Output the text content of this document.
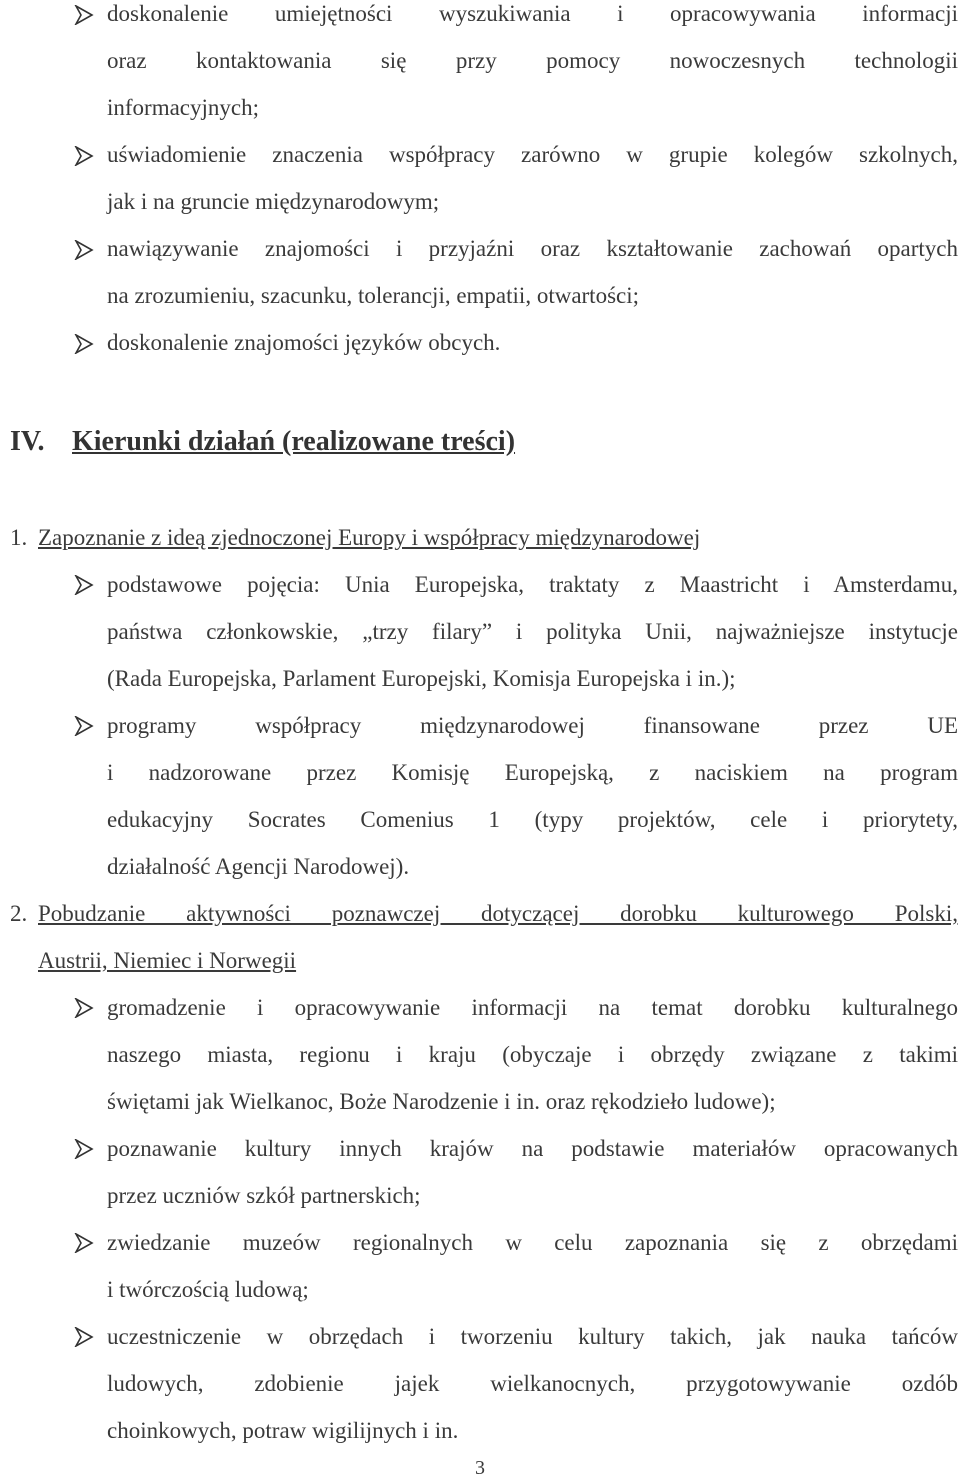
doskonalenie umiejętności wyszukiwania i opracowywania informacji
oraz kontaktowania się przy pomocy nowoczesnych technologii
informacyjnych;
uświadomienie znaczenia współpracy zarówno w grupie kolegów szkolnych,
jak i na gruncie międzynarodowym;
nawiązywanie znajomości i przyjaźni oraz kształtowanie zachowań opartych
na zrozumieniu, szacunku, tolerancji, empatii, otwartości;
doskonalenie znajomości języków obcych.
IV. Kierunki działań (realizowane treści)
1. Zapoznanie z ideą zjednoczonej Europy i współpracy międzynarodowej
podstawowe pojęcia: Unia Europejska, traktaty z Maastricht i Amsterdamu,
państwa członkowskie, „trzy filary” i polityka Unii, najważniejsze instytucje
(Rada Europejska, Parlament Europejski, Komisja Europejska i in.);
programy współpracy międzynarodowej finansowane przez UE
i nadzorowane przez Komisję Europejską, z naciskiem na program
edukacyjny Socrates Comenius 1 (typy projektów, cele i priorytety,
działalność Agencji Narodowej).
2. Pobudzanie aktywności poznawczej dotyczącej dorobku kulturowego Polski,
Austrii, Niemiec i Norwegii
gromadzenie i opracowywanie informacji na temat dorobku kulturalnego
naszego miasta, regionu i kraju (obyczaje i obrzędy związane z takimi
świętami jak Wielkanoc, Boże Narodzenie i in. oraz rękodzieło ludowe);
poznawanie kultury innych krajów na podstawie materiałów opracowanych
przez uczniów szkół partnerskich;
zwiedzanie muzeów regionalnych w celu zapoznania się z obrzędami
i twórczością ludową;
uczestniczenie w obrzędach i tworzeniu kultury takich, jak nauka tańców
ludowych, zdobienie jajek wielkanocnych, przygotowywanie ozdób
choinkowych, potraw wigilijnych i in.
3
